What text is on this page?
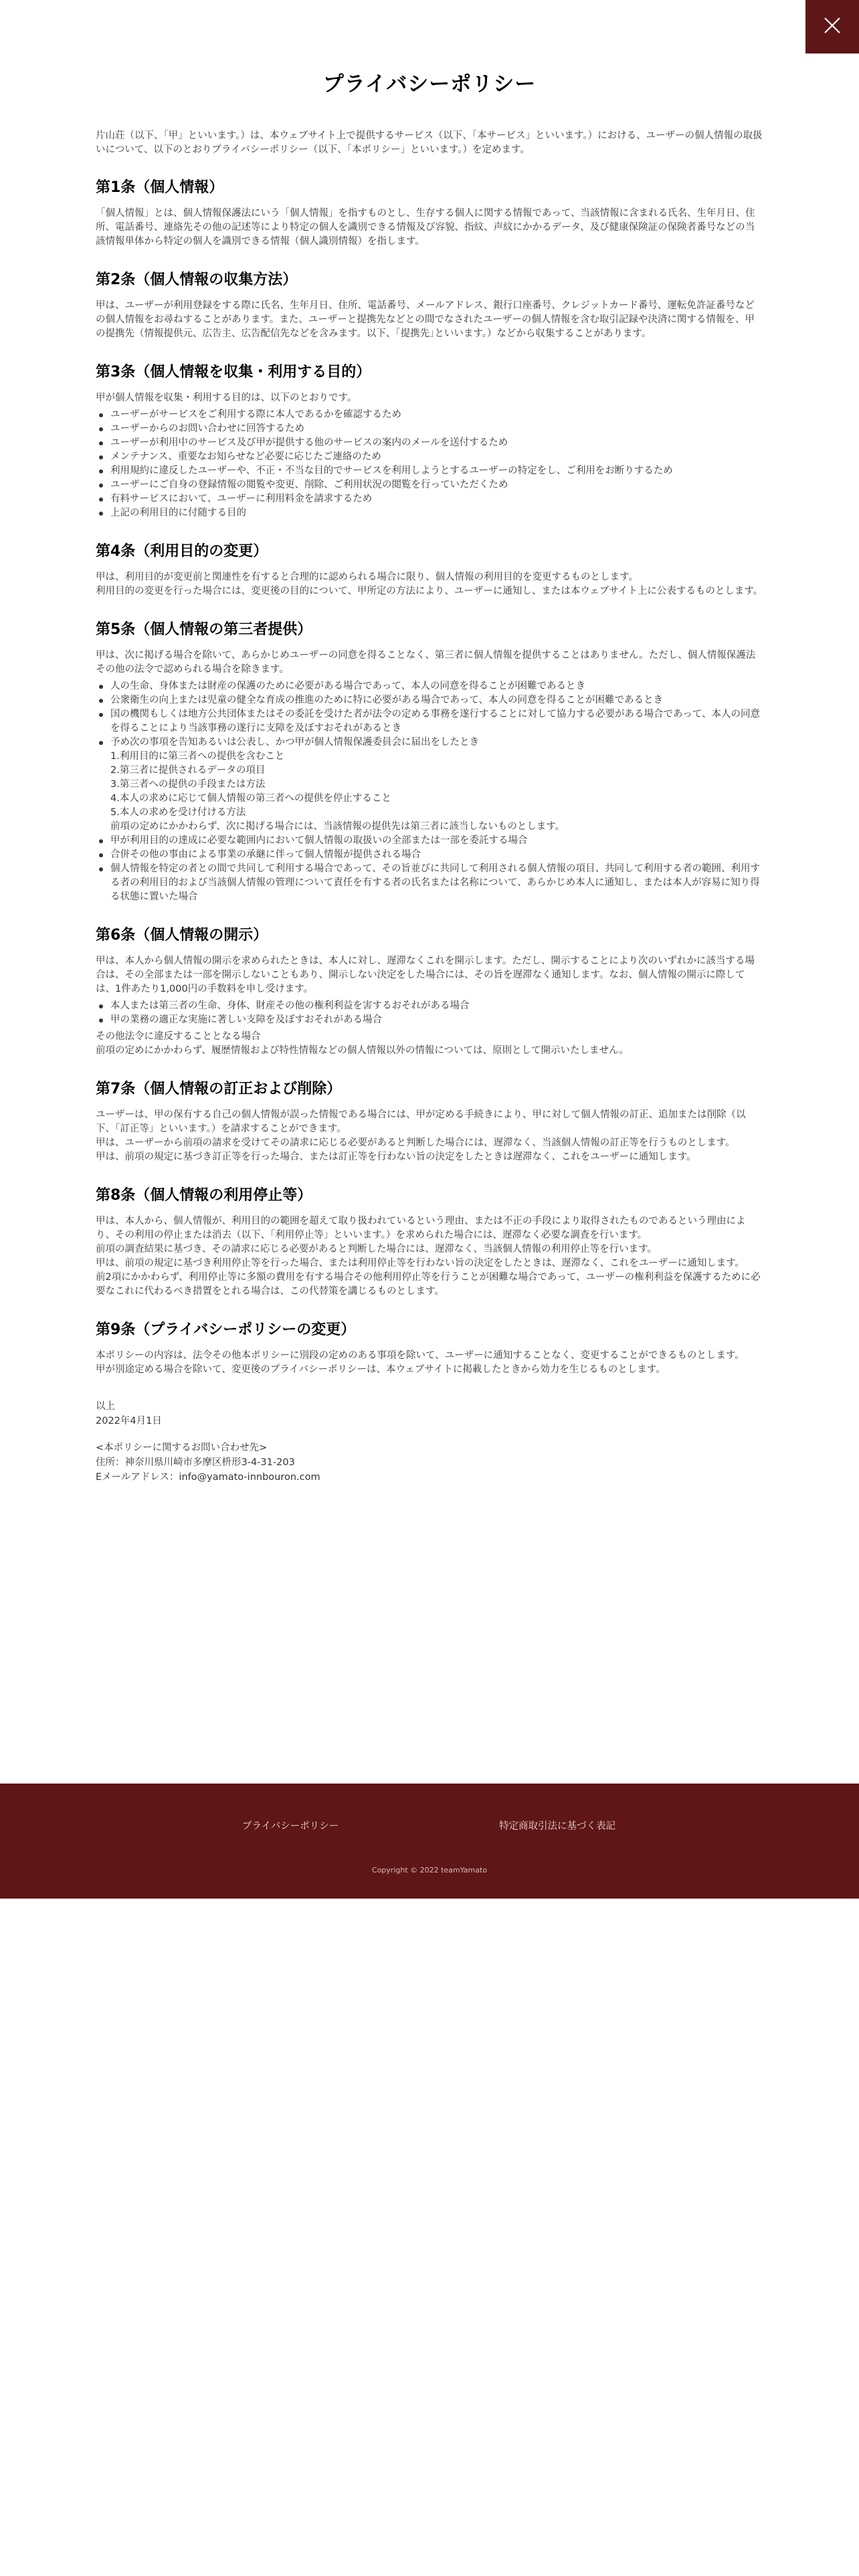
プライバシーポリシー

片山荘（以下、「甲」といいます。）は、本ウェブサイト上で提供するサービス（以下、「本サービス」といいます。）における、ユーザーの個人情報の取扱いについて、以下のとおりプライバシーポリシー（以下、「本ポリシー」といいます。）を定めます。

第1条（個人情報）

「個人情報」とは、個人情報保護法にいう「個人情報」を指すものとし、生存する個人に関する情報であって、当該情報に含まれる氏名、生年月日、住所、電話番号、連絡先その他の記述等により特定の個人を識別できる情報及び容貌、指紋、声紋にかかるデータ、及び健康保険証の保険者番号などの当該情報単体から特定の個人を識別できる情報（個人識別情報）を指します。

第2条（個人情報の収集方法）

甲は、ユーザーが利用登録をする際に氏名、生年月日、住所、電話番号、メールアドレス、銀行口座番号、クレジットカード番号、運転免許証番号などの個人情報をお尋ねすることがあります。また、ユーザーと提携先などとの間でなされたユーザーの個人情報を含む取引記録や決済に関する情報を、甲の提携先（情報提供元、広告主、広告配信先などを含みます。以下、｢提携先｣といいます。）などから収集することがあります。

第3条（個人情報を収集・利用する目的）

甲が個人情報を収集・利用する目的は、以下のとおりです。

ユーザーがサービスをご利用する際に本人であるかを確認するため
ユーザーからのお問い合わせに回答するため
ユーザーが利用中のサービス及び甲が提供する他のサービスの案内のメールを送付するため
メンテナンス、重要なお知らせなど必要に応じたご連絡のため
利用規約に違反したユーザーや、不正・不当な目的でサービスを利用しようとするユーザーの特定をし、ご利用をお断りするため
ユーザーにご自身の登録情報の閲覧や変更、削除、ご利用状況の閲覧を行っていただくため
有料サービスにおいて、ユーザーに利用料金を請求するため
上記の利用目的に付随する目的
第4条（利用目的の変更）

甲は、利用目的が変更前と関連性を有すると合理的に認められる場合に限り、個人情報の利用目的を変更するものとします。

利用目的の変更を行った場合には、変更後の目的について、甲所定の方法により、ユーザーに通知し、または本ウェブサイト上に公表するものとします。

第5条（個人情報の第三者提供）

甲は、次に掲げる場合を除いて、あらかじめユーザーの同意を得ることなく、第三者に個人情報を提供することはありません。ただし、個人情報保護法その他の法令で認められる場合を除きます。

人の生命、身体または財産の保護のために必要がある場合であって、本人の同意を得ることが困難であるとき
公衆衛生の向上または児童の健全な育成の推進のために特に必要がある場合であって、本人の同意を得ることが困難であるとき
国の機関もしくは地方公共団体またはその委託を受けた者が法令の定める事務を遂行することに対して協力する必要がある場合であって、本人の同意を得ることにより当該事務の遂行に支障を及ぼすおそれがあるとき
予め次の事項を告知あるいは公表し、かつ甲が個人情報保護委員会に届出をしたとき
1.利用目的に第三者への提供を含むこと
2.第三者に提供されるデータの項目
3.第三者への提供の手段または方法
4.本人の求めに応じて個人情報の第三者への提供を停止すること
5.本人の求めを受け付ける方法
前項の定めにかかわらず、次に掲げる場合には、当該情報の提供先は第三者に該当しないものとします。
甲が利用目的の達成に必要な範囲内において個人情報の取扱いの全部または一部を委託する場合
合併その他の事由による事業の承継に伴って個人情報が提供される場合
個人情報を特定の者との間で共同して利用する場合であって、その旨並びに共同して利用される個人情報の項目、共同して利用する者の範囲、利用する者の利用目的および当該個人情報の管理について責任を有する者の氏名または名称について、あらかじめ本人に通知し、または本人が容易に知り得る状態に置いた場合
第6条（個人情報の開示）

甲は、本人から個人情報の開示を求められたときは、本人に対し、遅滞なくこれを開示します。ただし、開示することにより次のいずれかに該当する場合は、その全部または一部を開示しないこともあり、開示しない決定をした場合には、その旨を遅滞なく通知します。なお、個人情報の開示に際しては、1件あたり1,000円の手数料を申し受けます。

本人または第三者の生命、身体、財産その他の権利利益を害するおそれがある場合
甲の業務の適正な実施に著しい支障を及ぼすおそれがある場合

その他法令に違反することとなる場合

前項の定めにかかわらず、履歴情報および特性情報などの個人情報以外の情報については、原則として開示いたしません。

第7条（個人情報の訂正および削除）

ユーザーは、甲の保有する自己の個人情報が誤った情報である場合には、甲が定める手続きにより、甲に対して個人情報の訂正、追加または削除（以下、「訂正等」といいます。）を請求することができます。

甲は、ユーザーから前項の請求を受けてその請求に応じる必要があると判断した場合には、遅滞なく、当該個人情報の訂正等を行うものとします。

甲は、前項の規定に基づき訂正等を行った場合、または訂正等を行わない旨の決定をしたときは遅滞なく、これをユーザーに通知します。

第8条（個人情報の利用停止等）

甲は、本人から、個人情報が、利用目的の範囲を超えて取り扱われているという理由、または不正の手段により取得されたものであるという理由により、その利用の停止または消去（以下、「利用停止等」といいます。）を求められた場合には、遅滞なく必要な調査を行います。

前項の調査結果に基づき、その請求に応じる必要があると判断した場合には、遅滞なく、当該個人情報の利用停止等を行います。

甲は、前項の規定に基づき利用停止等を行った場合、または利用停止等を行わない旨の決定をしたときは、遅滞なく、これをユーザーに通知します。

前2項にかかわらず、利用停止等に多額の費用を有する場合その他利用停止等を行うことが困難な場合であって、ユーザーの権利利益を保護するために必要なこれに代わるべき措置をとれる場合は、この代替策を講じるものとします。

第9条（プライバシーポリシーの変更）

本ポリシーの内容は、法令その他本ポリシーに別段の定めのある事項を除いて、ユーザーに通知することなく、変更することができるものとします。

甲が別途定める場合を除いて、変更後のプライバシーポリシーは、本ウェブサイトに掲載したときから効力を生じるものとします。

以上

2022年4月1日

<本ポリシーに関するお問い合わせ先>

住所：神奈川県川崎市多摩区枡形3-4-31-203

Eメールアドレス：info@yamato-innbouron.com

プライバシーポリシー	特定商取引法に基づく表記
Copyright © 2022 teamYamato
